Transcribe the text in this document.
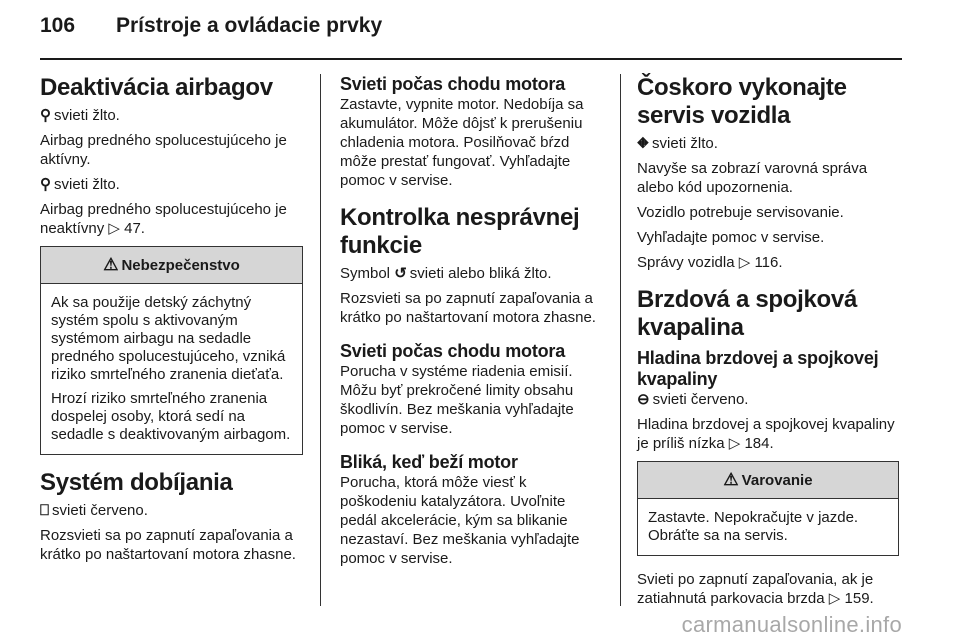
106 Prístroje a ovládacie prvky
Deaktivácia airbagov

⚲ svieti žlto.

Airbag predného spolucestujúceho je aktívny.

⚲ svieti žlto.

Airbag predného spolucestujúceho je neaktívny ▷ 47.

⚠ Nebezpečenstvo

Ak sa použije detský záchytný systém spolu s aktivovaným systémom airbagu na sedadle predného spolucestujúceho, vzniká riziko smrteľného zranenia dieťaťa.

Hrozí riziko smrteľného zranenia dospelej osoby, ktorá sedí na sedadle s deaktivovaným airbagom.

Systém dobíjania

⎕ svieti červeno.

Rozsvieti sa po zapnutí zapaľovania a krátko po naštartovaní motora zhasne.

Svieti počas chodu motora

Zastavte, vypnite motor. Nedobíja sa akumulátor. Môže dôjsť k prerušeniu chladenia motora. Posilňovač bŕzd môže prestať fungovať. Vyhľadajte pomoc v servise.

Kontrolka nesprávnej funkcie

Symbol ↺ svieti alebo bliká žlto.

Rozsvieti sa po zapnutí zapaľovania a krátko po naštartovaní motora zhasne.

Svieti počas chodu motora

Porucha v systéme riadenia emisií. Môžu byť prekročené limity obsahu škodlivín. Bez meškania vyhľadajte pomoc v servise.

Bliká, keď beží motor

Porucha, ktorá môže viesť k poškodeniu katalyzátora. Uvoľnite pedál akcelerácie, kým sa blikanie nezastaví. Bez meškania vyhľadajte pomoc v servise.

Čoskoro vykonajte servis vozidla

⛖ svieti žlto.

Navyše sa zobrazí varovná správa alebo kód upozornenia.

Vozidlo potrebuje servisovanie.

Vyhľadajte pomoc v servise.

Správy vozidla ▷ 116.

Brzdová a spojková kvapalina
Hladina brzdovej a spojkovej kvapaliny

⊖ svieti červeno.

Hladina brzdovej a spojkovej kvapaliny je príliš nízka ▷ 184.

⚠ Varovanie

Zastavte. Nepokračujte v jazde. Obráťte sa na servis.

Svieti po zapnutí zapaľovania, ak je zatiahnutá parkovacia brzda ▷ 159.

carmanualsonline.info
